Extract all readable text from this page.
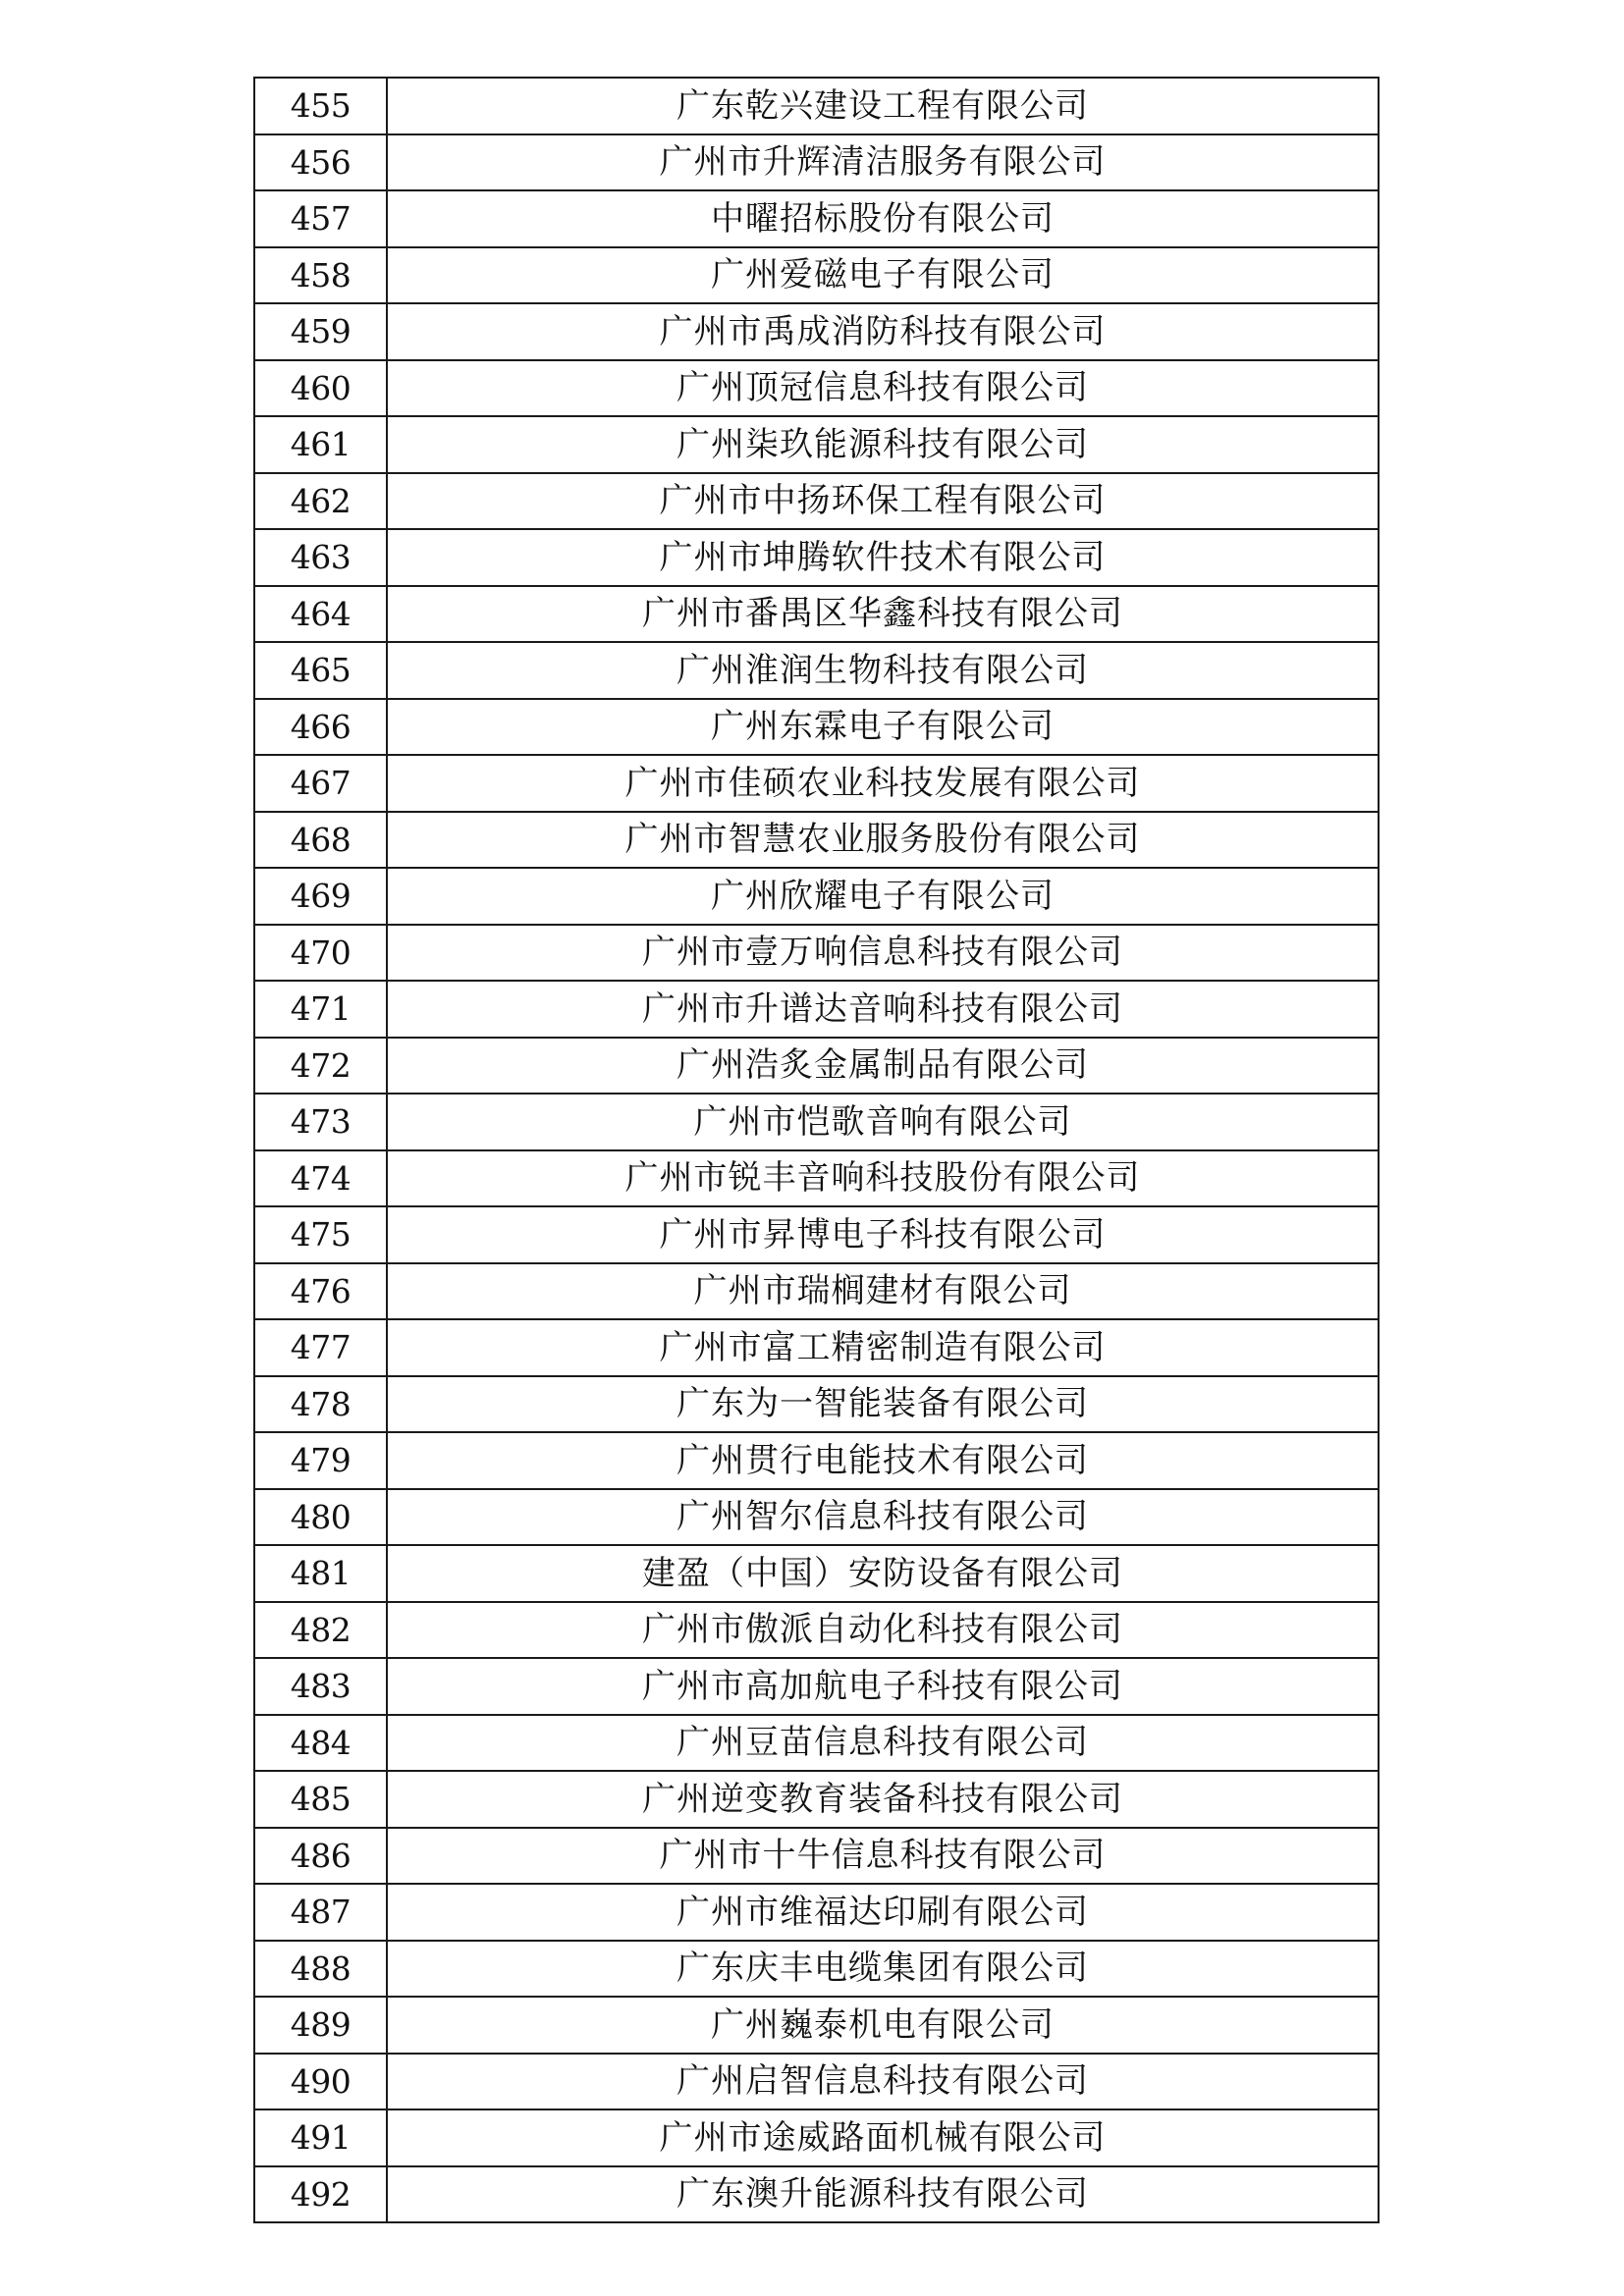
455	广东乾兴建设工程有限公司
456	广州市升辉清洁服务有限公司
457	中曜招标股份有限公司
458	广州爱磁电子有限公司
459	广州市禹成消防科技有限公司
460	广州顶冠信息科技有限公司
461	广州柒玖能源科技有限公司
462	广州市中扬环保工程有限公司
463	广州市坤腾软件技术有限公司
464	广州市番禺区华鑫科技有限公司
465	广州淮润生物科技有限公司
466	广州东霖电子有限公司
467	广州市佳硕农业科技发展有限公司
468	广州市智慧农业服务股份有限公司
469	广州欣耀电子有限公司
470	广州市壹万响信息科技有限公司
471	广州市升谱达音响科技有限公司
472	广州浩炙金属制品有限公司
473	广州市恺歌音响有限公司
474	广州市锐丰音响科技股份有限公司
475	广州市昇博电子科技有限公司
476	广州市瑞榈建材有限公司
477	广州市富工精密制造有限公司
478	广东为一智能装备有限公司
479	广州贯行电能技术有限公司
480	广州智尔信息科技有限公司
481	建盈（中国）安防设备有限公司
482	广州市傲派自动化科技有限公司
483	广州市高加航电子科技有限公司
484	广州豆苗信息科技有限公司
485	广州逆变教育装备科技有限公司
486	广州市十牛信息科技有限公司
487	广州市维福达印刷有限公司
488	广东庆丰电缆集团有限公司
489	广州巍泰机电有限公司
490	广州启智信息科技有限公司
491	广州市途威路面机械有限公司
492	广东澳升能源科技有限公司
